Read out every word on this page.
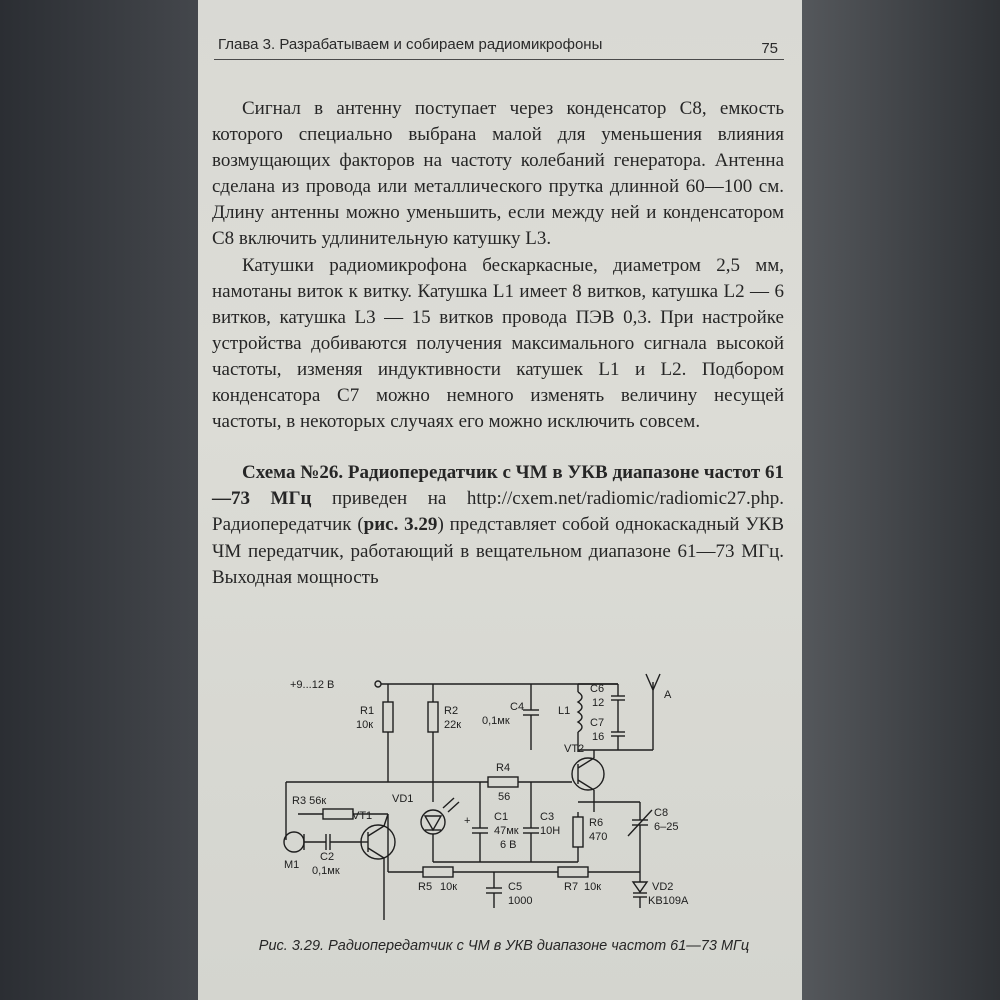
Глава 3. Разрабатываем и собираем радиомикрофоны	75

Сигнал в антенну поступает через конденсатор С8, емкость которого специально выбрана малой для уменьшения влияния возмущающих факторов на частоту колебаний генератора. Антенна сделана из провода или металлического прутка длинной 60—100 см. Длину антенны можно уменьшить, если между ней и конденсатором С8 включить удлинительную катушку L3.

Катушки радиомикрофона бескаркасные, диаметром 2,5 мм, намотаны виток к витку. Катушка L1 имеет 8 витков, катушка L2 — 6 витков, катушка L3 — 15 витков провода ПЭВ 0,3. При настройке устройства добиваются получения максимального сигнала высокой частоты, изменяя индуктивности катушек L1 и L2. Подбором конденсатора С7 можно немного изменять величину несущей частоты, в некоторых случаях его можно исключить совсем.

Схема №26. Радиопередатчик с ЧМ в УКВ диапазоне частот 61—73 МГц приведен на http://cxem.net/radiomic/radiomic27.php. Радиопередатчик (рис. 3.29) представляет собой однокаскадный УКВ ЧМ передатчик, работающий в вещательном диапазоне 61—73 МГц. Выходная мощность

+9...12 В
R1
10к
R2
22к
C4
0,1мк
L1
C6
12
C7
16
A
VT2
R4
56
R3 56к	VD1
+ C1
47мк
6 В
C3
10Н
R6
470
C8
6–25
M1
C2
0,1мк
VT1
R5 10к	R7 10к
C5
1000
VD2
KB109A
Рис. 3.29. Радиопередатчик с ЧМ в УКВ диапазоне частот 61—73 МГц
